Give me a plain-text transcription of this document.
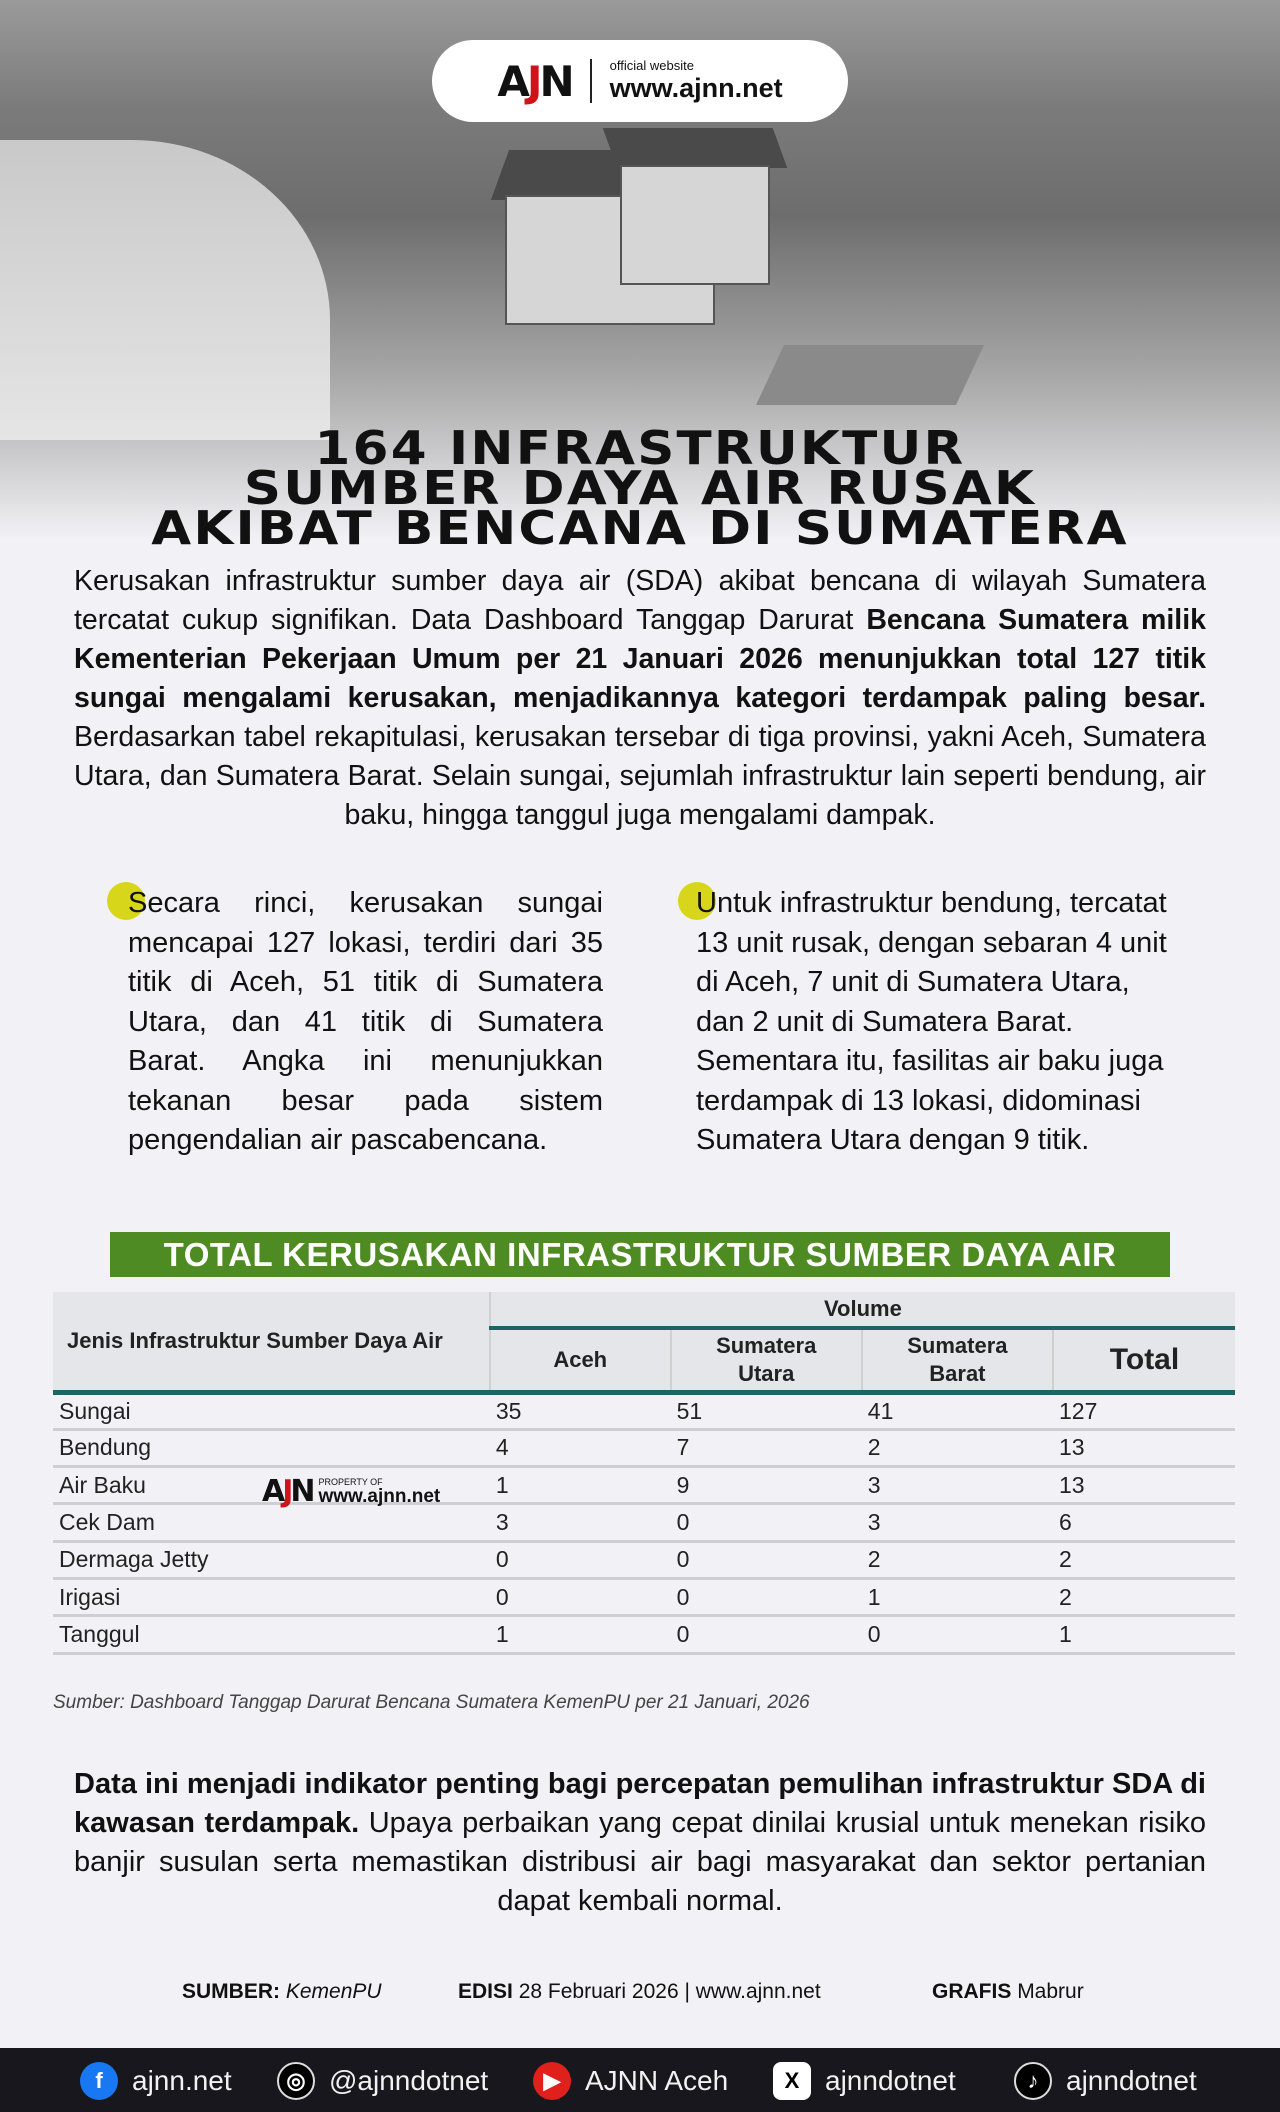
AJN	official website
www.ajnn.net
164 INFRASTRUKTUR
SUMBER DAYA AIR RUSAK
AKIBAT BENCANA DI SUMATERA

Kerusakan infrastruktur sumber daya air (SDA) akibat bencana di wilayah Sumatera tercatat cukup signifikan. Data Dashboard Tanggap Darurat Bencana Sumatera milik Kementerian Pekerjaan Umum per 21 Januari 2026 menunjukkan total 127 titik sungai mengalami kerusakan, menjadikannya kategori terdampak paling besar. Berdasarkan tabel rekapitulasi, kerusakan tersebar di tiga provinsi, yakni Aceh, Sumatera Utara, dan Sumatera Barat. Selain sungai, sejumlah infrastruktur lain seperti bendung, air baku, hingga tanggul juga mengalami dampak.

Secara rinci, kerusakan sungai mencapai 127 lokasi, terdiri dari 35 titik di Aceh, 51 titik di Sumatera Utara, dan 41 titik di Sumatera Barat. Angka ini menunjukkan tekanan besar pada sistem pengendalian air pascabencana.

Untuk infrastruktur bendung, tercatat 13 unit rusak, dengan sebaran 4 unit di Aceh, 7 unit di Sumatera Utara, dan 2 unit di Sumatera Barat. Sementara itu, fasilitas air baku juga terdampak di 13 lokasi, didominasi Sumatera Utara dengan 9 titik.

TOTAL KERUSAKAN INFRASTRUKTUR SUMBER DAYA AIR
Jenis Infrastruktur Sumber Daya Air	Volume			
	Aceh	Sumatera Utara	Sumatera Barat	Total
Sungai	35	51	41	127
Bendung	4	7	2	13
Air Baku	1	9	3	13
Cek Dam	3	0	3	6
Dermaga Jetty	0	0	2	2
Irigasi	0	0	1	2
Tanggul	1	0	0	1
AJN PROPERTY OF
www.ajnn.net

Sumber: Dashboard Tanggap Darurat Bencana Sumatera KemenPU per 21 Januari, 2026

Data ini menjadi indikator penting bagi percepatan pemulihan infrastruktur SDA di kawasan terdampak. Upaya perbaikan yang cepat dinilai krusial untuk menekan risiko banjir susulan serta memastikan distribusi air bagi masyarakat dan sektor pertanian dapat kembali normal.

SUMBER: KemenPU	EDISI 28 Februari 2026 | www.ajnn.net	GRAFIS Mabrur
f	ajnn.net	◎ @ajnndotnet	▶ AJNN Aceh	X ajnndotnet	♪ ajnndotnet
